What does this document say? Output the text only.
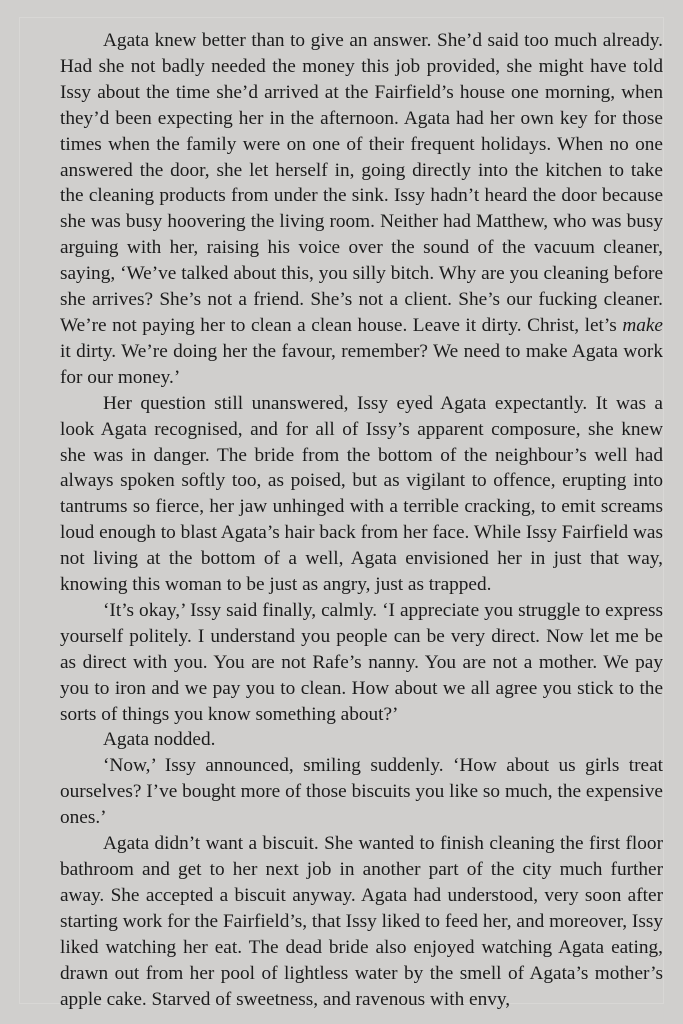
Agata knew better than to give an answer. She’d said too much already. Had she not badly needed the money this job provided, she might have told Issy about the time she’d arrived at the Fairfield’s house one morning, when they’d been expecting her in the afternoon. Agata had her own key for those times when the family were on one of their frequent holidays. When no one answered the door, she let herself in, going directly into the kitchen to take the cleaning products from under the sink. Issy hadn’t heard the door because she was busy hoovering the living room. Neither had Matthew, who was busy arguing with her, raising his voice over the sound of the vacuum cleaner, saying, ‘We’ve talked about this, you silly bitch. Why are you cleaning before she arrives? She’s not a friend. She’s not a client. She’s our fucking cleaner. We’re not paying her to clean a clean house. Leave it dirty. Christ, let’s make it dirty. We’re doing her the favour, remember? We need to make Agata work for our money.’

Her question still unanswered, Issy eyed Agata expectantly. It was a look Agata recognised, and for all of Issy’s apparent composure, she knew she was in danger. The bride from the bottom of the neighbour’s well had always spoken softly too, as poised, but as vigilant to offence, erupting into tantrums so fierce, her jaw unhinged with a terrible cracking, to emit screams loud enough to blast Agata’s hair back from her face. While Issy Fairfield was not living at the bottom of a well, Agata envisioned her in just that way, knowing this woman to be just as angry, just as trapped.

‘It’s okay,’ Issy said finally, calmly. ‘I appreciate you struggle to express yourself politely. I understand you people can be very direct. Now let me be as direct with you. You are not Rafe’s nanny. You are not a mother. We pay you to iron and we pay you to clean. How about we all agree you stick to the sorts of things you know something about?’

Agata nodded.

‘Now,’ Issy announced, smiling suddenly. ‘How about us girls treat ourselves? I’ve bought more of those biscuits you like so much, the expensive ones.’

Agata didn’t want a biscuit. She wanted to finish cleaning the first floor bathroom and get to her next job in another part of the city much further away. She accepted a biscuit anyway. Agata had understood, very soon after starting work for the Fairfield’s, that Issy liked to feed her, and moreover, Issy liked watching her eat. The dead bride also enjoyed watching Agata eating, drawn out from her pool of lightless water by the smell of Agata’s mother’s apple cake. Starved of sweetness, and ravenous with envy,
